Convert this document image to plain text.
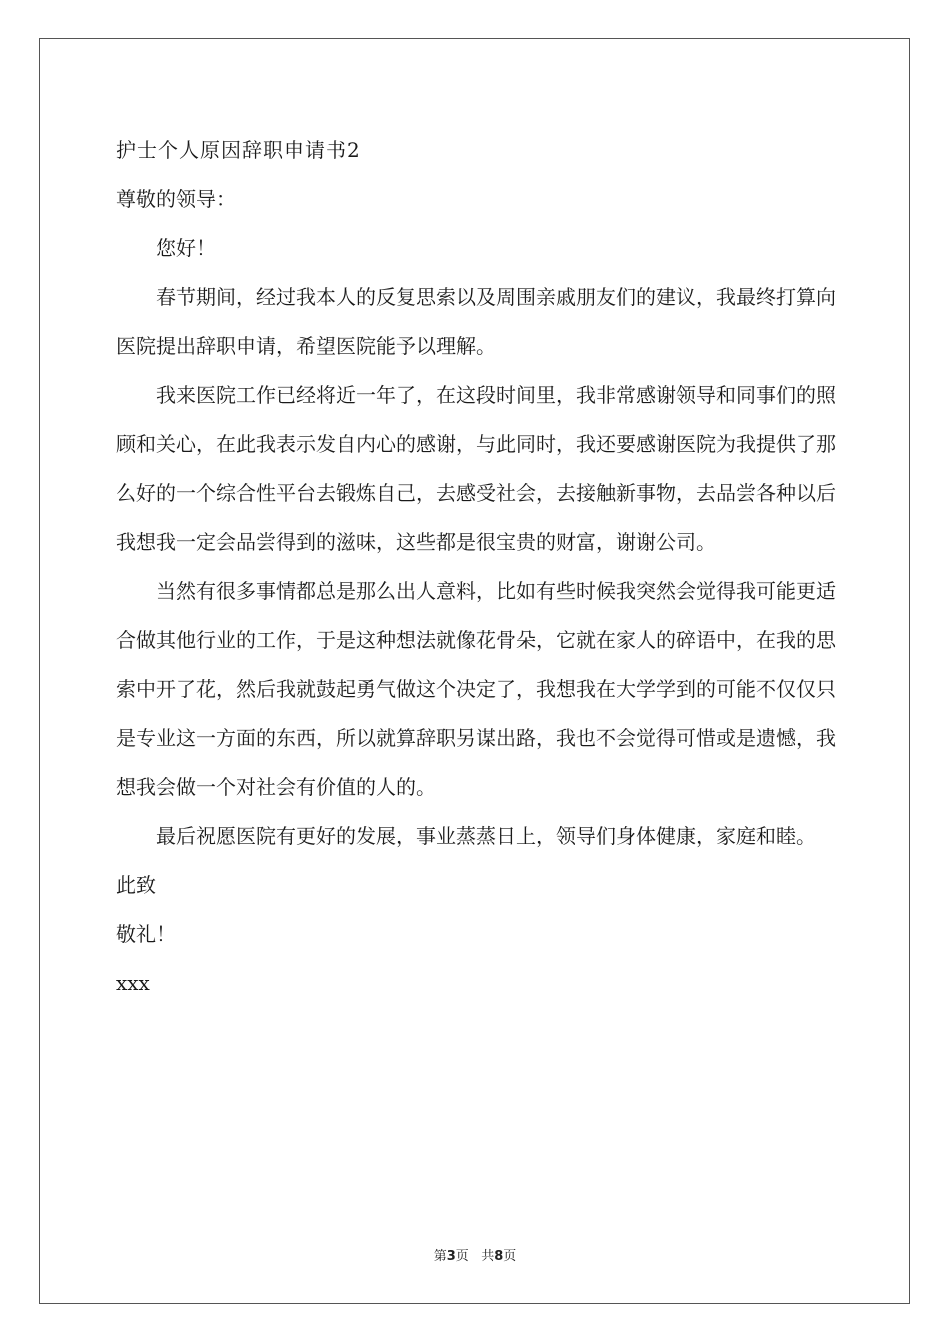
护士个人原因辞职申请书2

尊敬的领导：

您好！

春节期间，经过我本人的反复思索以及周围亲戚朋友们的建议，我最终打算向医院提出辞职申请，希望医院能予以理解。

我来医院工作已经将近一年了，在这段时间里，我非常感谢领导和同事们的照顾和关心，在此我表示发自内心的感谢，与此同时，我还要感谢医院为我提供了那么好的一个综合性平台去锻炼自己，去感受社会，去接触新事物，去品尝各种以后我想我一定会品尝得到的滋味，这些都是很宝贵的财富，谢谢公司。

当然有很多事情都总是那么出人意料，比如有些时候我突然会觉得我可能更适合做其他行业的工作，于是这种想法就像花骨朵，它就在家人的碎语中，在我的思索中开了花，然后我就鼓起勇气做这个决定了，我想我在大学学到的可能不仅仅只是专业这一方面的东西，所以就算辞职另谋出路，我也不会觉得可惜或是遗憾，我想我会做一个对社会有价值的人的。

最后祝愿医院有更好的发展，事业蒸蒸日上，领导们身体健康，家庭和睦。

此致

敬礼！

xxx

第3页 共8页
